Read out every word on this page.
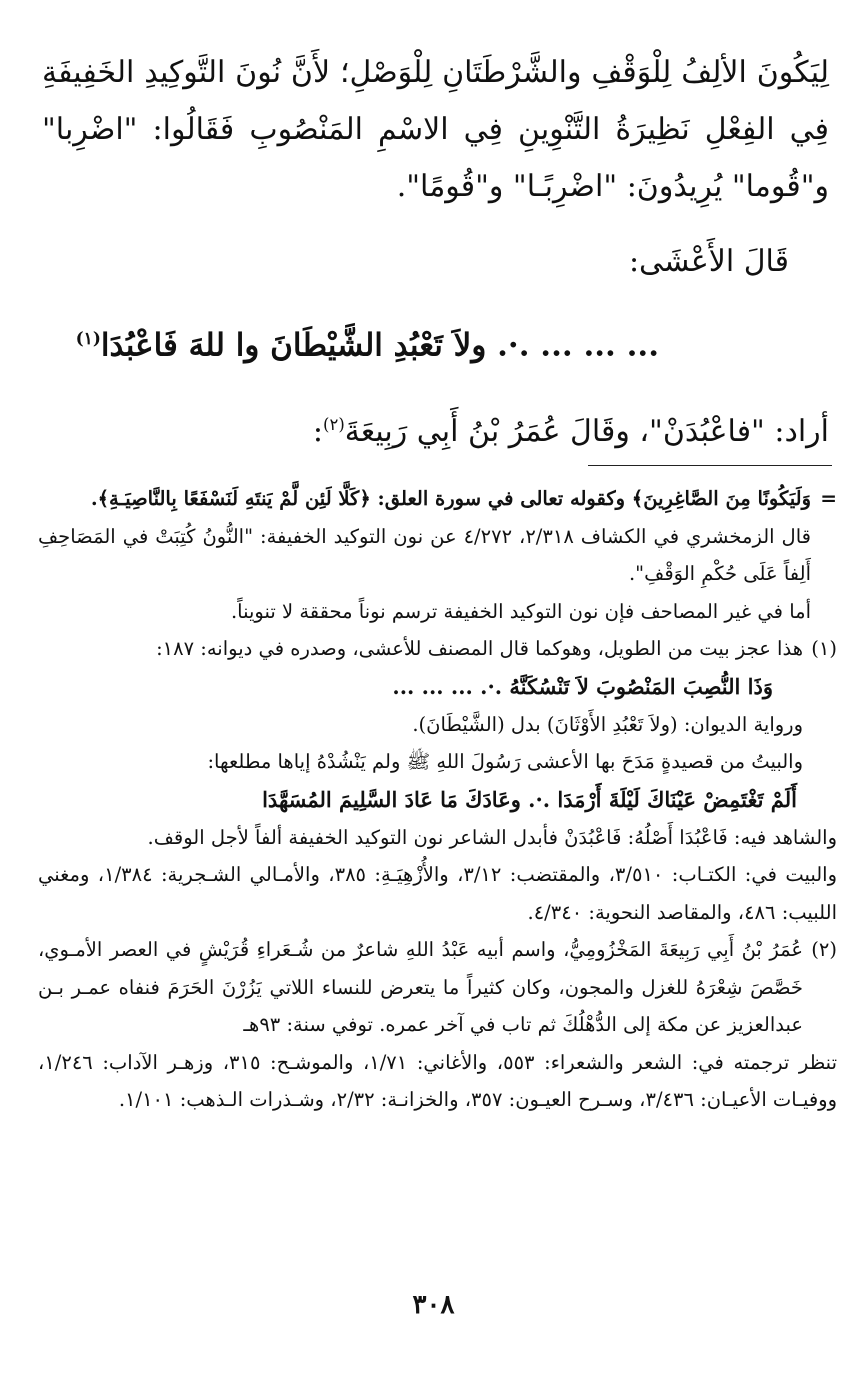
لِيَكُونَ الألِفُ لِلْوَقْفِ والشَّرْطَتَانِ لِلْوَصْلِ؛ لأَنَّ نُونَ التَّوكِيدِ الخَفِيفَةِ فِي الفِعْلِ نَظِيرَةُ التَّنْوِينِ فِي الاسْمِ المَنْصُوبِ فَقَالُوا: "اضْرِبا" و"قُوما" يُرِيدُونَ: "اضْرِبًـا" و"قُومًا".

قَالَ الأَعْشَى:

... ... ... .·. ولاَ تَعْبُدِ الشَّيْطَانَ وا للهَ فَاعْبُدَا$^{(١)}$

أراد: "فاعْبُدَنْ"، وقَالَ عُمَرُ بْنُ أَبِي رَبِيعَةَ$^{(٢)}$:

=

وَلَيَكُونًا مِنَ الصَّاغِرِينَ﴾ وكقوله تعالى في سورة العلق: ﴿كَلَّا لَئِن لَّمْ يَنتَهِ لَنَسْفَعًا بِالنَّاصِيَـةِ﴾.

قال الزمخشري في الكشاف ٢/٣١٨، ٤/٢٧٢ عن نون التوكيد الخفيفة: "النُّونُ كُتِبَتْ في المَصَاحِفِ أَلِفاً عَلَى حُكْمِ الوَقْفِ".

أما في غير المصاحف فإن نون التوكيد الخفيفة ترسم نوناً محققة لا تنويناً.

(١)

هذا عجز بيت من الطويل، وهوكما قال المصنف للأعشى، وصدره في ديوانه: ١٨٧:

وَذَا النُّصِبَ المَنْصُوبَ لاَ تَنْسُكَنَّهُ .·. ... ... ...

ورواية الديوان: (ولاَ تَعْبُدِ الأَوْثَانَ) بدل (الشَّيْطَانَ).

والبيتُ من قصيدةٍ مَدَحَ بها الأعشى رَسُولَ اللهِ ﷺ ولم يَنْشُدْهُ إياها مطلعها:

أَلَمْ تَغْتَمِضْ عَيْنَاكَ لَيْلَةَ أَرْمَدَا .·. وعَادَكَ مَا عَادَ السَّلِيمَ المُسَهَّدَا

والشاهد فيه: فَاعْبُدَا أَصْلُهُ: فَاعْبُدَنْ فأبدل الشاعر نون التوكيد الخفيفة ألفاً لأجل الوقف.

والبيت في: الكتـاب: ٣/٥١٠، والمقتضب: ٣/١٢، والأُزْهِيَـةِ: ٣٨٥، والأمـالي الشـجرية: ١/٣٨٤، ومغني اللبيب: ٤٨٦، والمقاصد النحوية: ٤/٣٤٠.

(٢)

عُمَرُ بْنُ أَبِي رَبِيعَةَ المَخْزُومِيُّ، واسم أبيه عَبْدُ اللهِ شاعرٌ من شُـعَراءِ قُرَيْشٍ في العصر الأمـوي، خَصَّصَ شِعْرَهُ للغزل والمجون، وكان كثيراً ما يتعرض للنساء اللاتي يَزُرْنَ الحَرَمَ فنفاه عمـر بـن عبدالعزيز عن مكة إلى الدُّهْلُكَ ثم تاب في آخر عمره. توفي سنة: ٩٣هـ

تنظر ترجمته في: الشعر والشعراء: ٥٥٣، والأغاني: ١/٧١، والموشـح: ٣١٥، وزهـر الآداب: ١/٢٤٦، ووفيـات الأعيـان: ٣/٤٣٦، وسـرح العيـون: ٣٥٧، والخزانـة: ٢/٣٢، وشـذرات الـذهب: ١/١٠١.

٣٠٨
